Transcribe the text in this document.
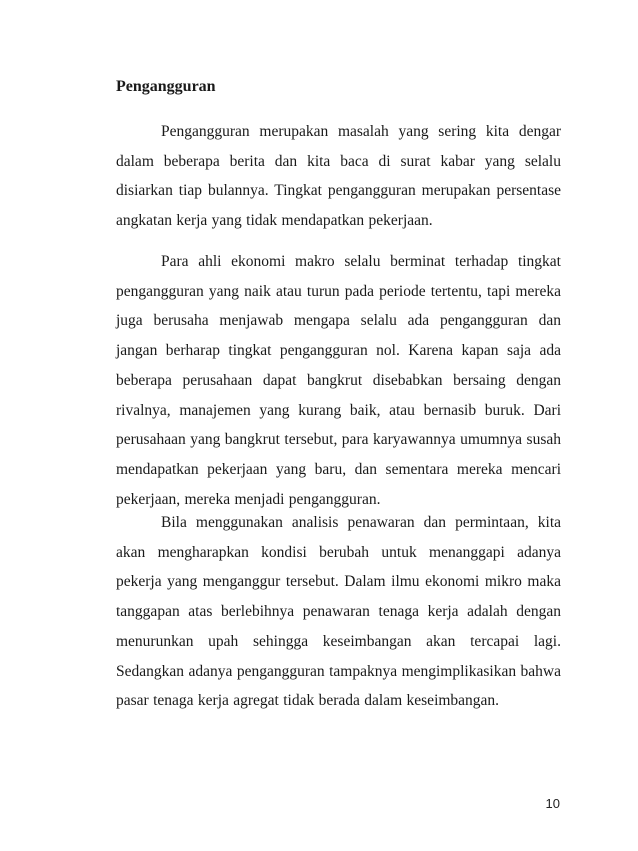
Pengangguran

Pengangguran merupakan masalah yang sering kita dengar dalam beberapa berita dan kita baca di surat kabar yang selalu disiarkan tiap bulannya. Tingkat pengangguran merupakan persentase angkatan kerja yang tidak mendapatkan pekerjaan.

Para ahli ekonomi makro selalu berminat terhadap tingkat pengangguran yang naik atau turun pada periode tertentu, tapi mereka juga berusaha menjawab mengapa selalu ada pengangguran dan jangan berharap tingkat pengangguran nol. Karena kapan saja ada beberapa perusahaan dapat bangkrut disebabkan bersaing dengan rivalnya, manajemen yang kurang baik, atau bernasib buruk. Dari perusahaan yang bangkrut tersebut, para karyawannya umumnya susah mendapatkan pekerjaan yang baru, dan sementara mereka mencari pekerjaan, mereka menjadi pengangguran.

Bila menggunakan analisis penawaran dan permintaan, kita akan mengharapkan kondisi berubah untuk menanggapi adanya pekerja yang menganggur tersebut. Dalam ilmu ekonomi mikro maka tanggapan atas berlebihnya penawaran tenaga kerja adalah dengan menurunkan upah sehingga keseimbangan akan tercapai lagi. Sedangkan adanya pengangguran tampaknya mengimplikasikan bahwa pasar tenaga kerja agregat tidak berada dalam keseimbangan.

10
